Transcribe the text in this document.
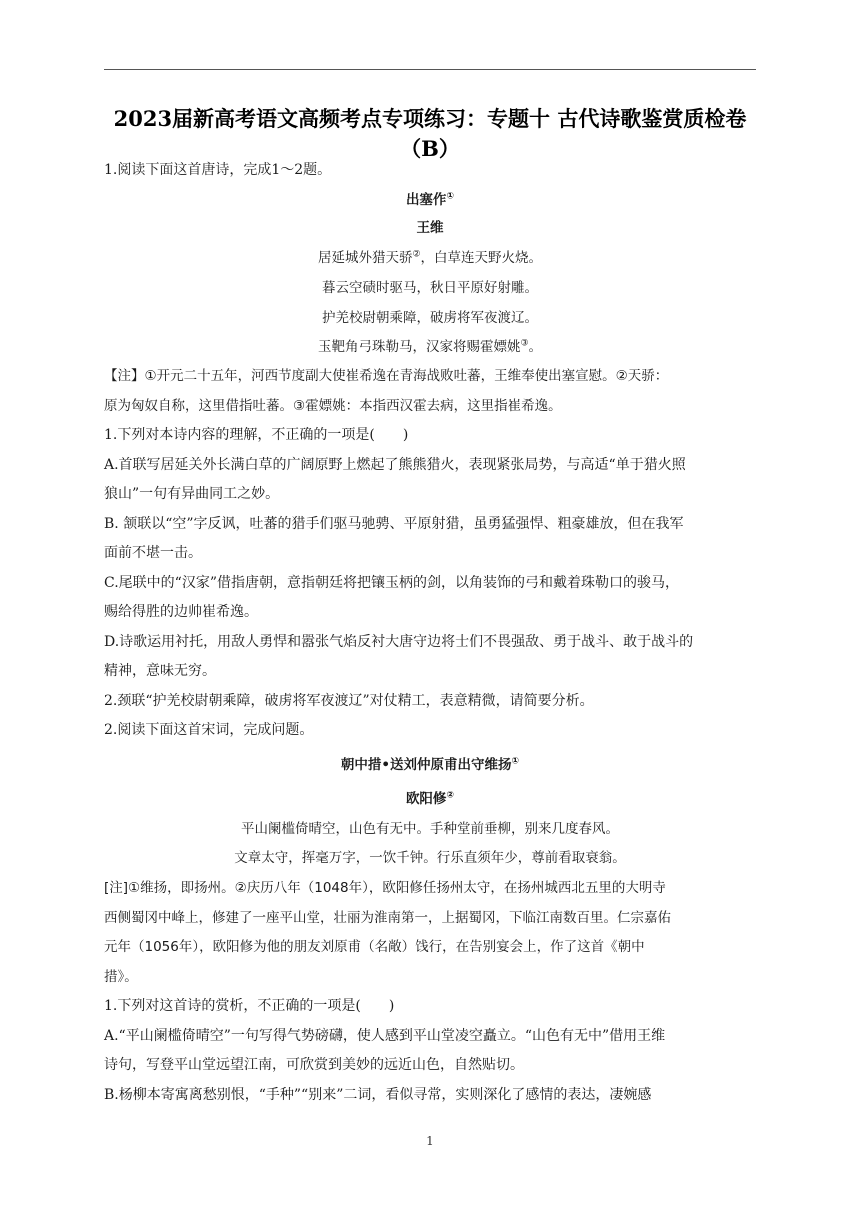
2023届新高考语文高频考点专项练习：专题十 古代诗歌鉴赏质检卷（B）
1.阅读下面这首唐诗，完成1～2题。
出塞作①
王维
居延城外猎天骄②，白草连天野火烧。
暮云空碛时驱马，秋日平原好射雕。
护羌校尉朝乘障，破虏将军夜渡辽。
玉靶角弓珠勒马，汉家将赐霍嫖姚③。
【注】①开元二十五年，河西节度副大使崔希逸在青海战败吐蕃，王维奉使出塞宣慰。②天骄：
原为匈奴自称，这里借指吐蕃。③霍嫖姚：本指西汉霍去病，这里指崔希逸。
1.下列对本诗内容的理解，不正确的一项是(　　)
A.首联写居延关外长满白草的广阔原野上燃起了熊熊猎火，表现紧张局势，与高适“单于猎火照
狼山”一句有异曲同工之妙。
B. 颔联以“空”字反讽，吐蕃的猎手们驱马驰骋、平原射猎，虽勇猛强悍、粗豪雄放，但在我军
面前不堪一击。
C.尾联中的“汉家”借指唐朝，意指朝廷将把镶玉柄的剑，以角装饰的弓和戴着珠勒口的骏马，
赐给得胜的边帅崔希逸。
D.诗歌运用衬托，用敌人勇悍和嚣张气焰反衬大唐守边将士们不畏强敌、勇于战斗、敢于战斗的
精神，意味无穷。
2.颈联“护羌校尉朝乘障，破虏将军夜渡辽”对仗精工，表意精微，请简要分析。
2.阅读下面这首宋词，完成问题。
朝中措•送刘仲原甫出守维扬①
欧阳修②
平山阑槛倚晴空，山色有无中。手种堂前垂柳，别来几度春风。
文章太守，挥毫万字，一饮千钟。行乐直须年少，尊前看取衰翁。
[注]①维扬，即扬州。②庆历八年（1048年），欧阳修任扬州太守，在扬州城西北五里的大明寺
西侧蜀冈中峰上，修建了一座平山堂，壮丽为淮南第一，上据蜀冈，下临江南数百里。仁宗嘉佑
元年（1056年），欧阳修为他的朋友刘原甫（名敞）饯行，在告别宴会上，作了这首《朝中
措》。
1.下列对这首诗的赏析，不正确的一项是(　　)
A.“平山阑槛倚晴空”一句写得气势磅礴，使人感到平山堂凌空矗立。“山色有无中”借用王维
诗句，写登平山堂远望江南，可欣赏到美妙的远近山色，自然贴切。
B.杨柳本寄寓离愁别恨，“手种”“别来”二词，看似寻常，实则深化了感情的表达，凄婉感
1
